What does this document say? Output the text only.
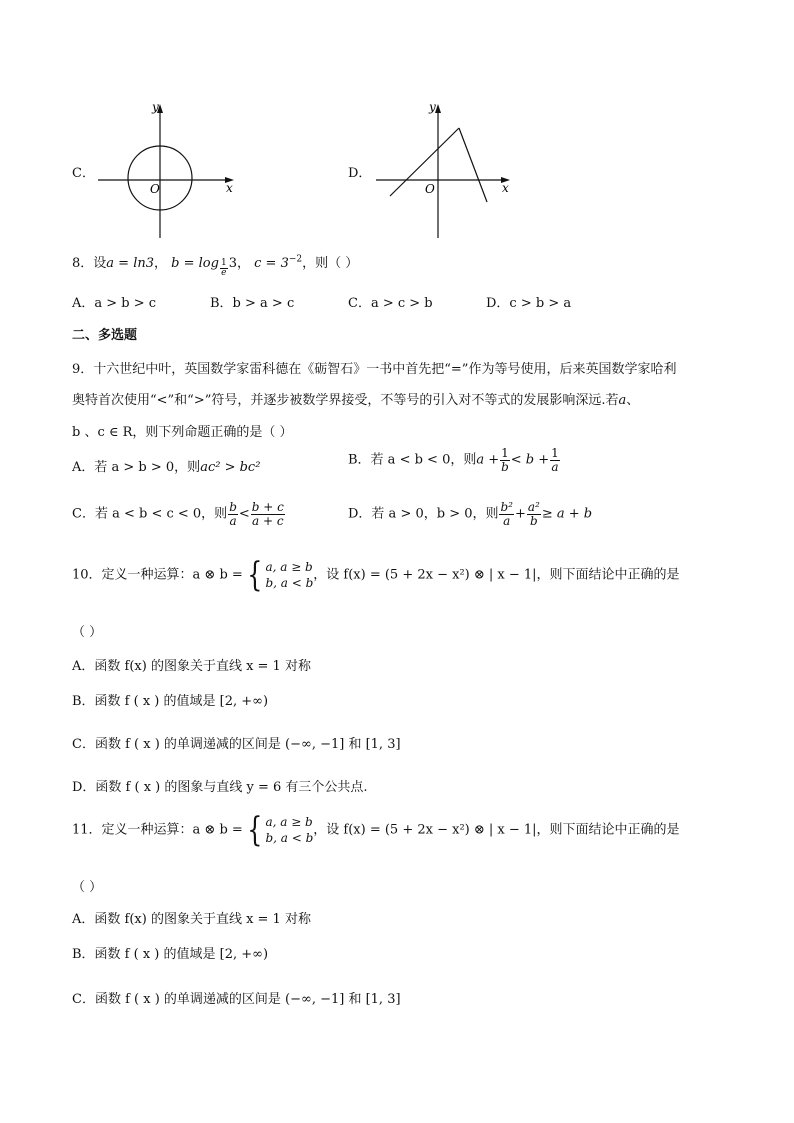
C．
O	x
y
D．
O	x
y
8．设a = ln3， $b = \log \frac{1}{e} 3$， $c = 3^{-2}$，则（ ）
A．a > b > c	B．b > a > c	C．a > c > b	D．c > b > a
二、多选题
9．十六世纪中叶，英国数学家雷科德在《砺智石》一书中首先把“=”作为等号使用，后来英国数学家哈利
奥特首次使用“<”和“>”符号，并逐步被数学界接受，不等号的引入对不等式的发展影响深远.若a、
b 、c ∈ R，则下列命题正确的是（ ）
A．若 a > b > 0，则ac² > bc²	B．若 a < b < 0，则$a + \frac{1}{b} < b + \frac{1}{a}$
C．若 a < b < c < 0，则 $\frac{b}{a} < \frac{b + c}{a + c}$	D．若 a > 0，b > 0，则 $\frac{\text{b²}}{a} + \frac{\text{a²}}{b} \ge a + b$
10．定义一种运算：a ⊗ b = { a, a ≥ b
b, a < b
，设 f(x) = (5 + 2x − x²) ⊗ | x − 1|，则下面结论中正确的是
（ ）
A．函数 f(x) 的图象关于直线 x = 1 对称
B．函数 f ( x ) 的值域是 [2, +∞)
C．函数 f ( x ) 的单调递减的区间是 (−∞, −1] 和 [1, 3]
D．函数 f ( x ) 的图象与直线 y = 6 有三个公共点.
11．定义一种运算：a ⊗ b = { a, a ≥ b
b, a < b
，设 f(x) = (5 + 2x − x²) ⊗ | x − 1|，则下面结论中正确的是
（ ）
A．函数 f(x) 的图象关于直线 x = 1 对称
B．函数 f ( x ) 的值域是 [2, +∞)
C．函数 f ( x ) 的单调递减的区间是 (−∞, −1] 和 [1, 3]
